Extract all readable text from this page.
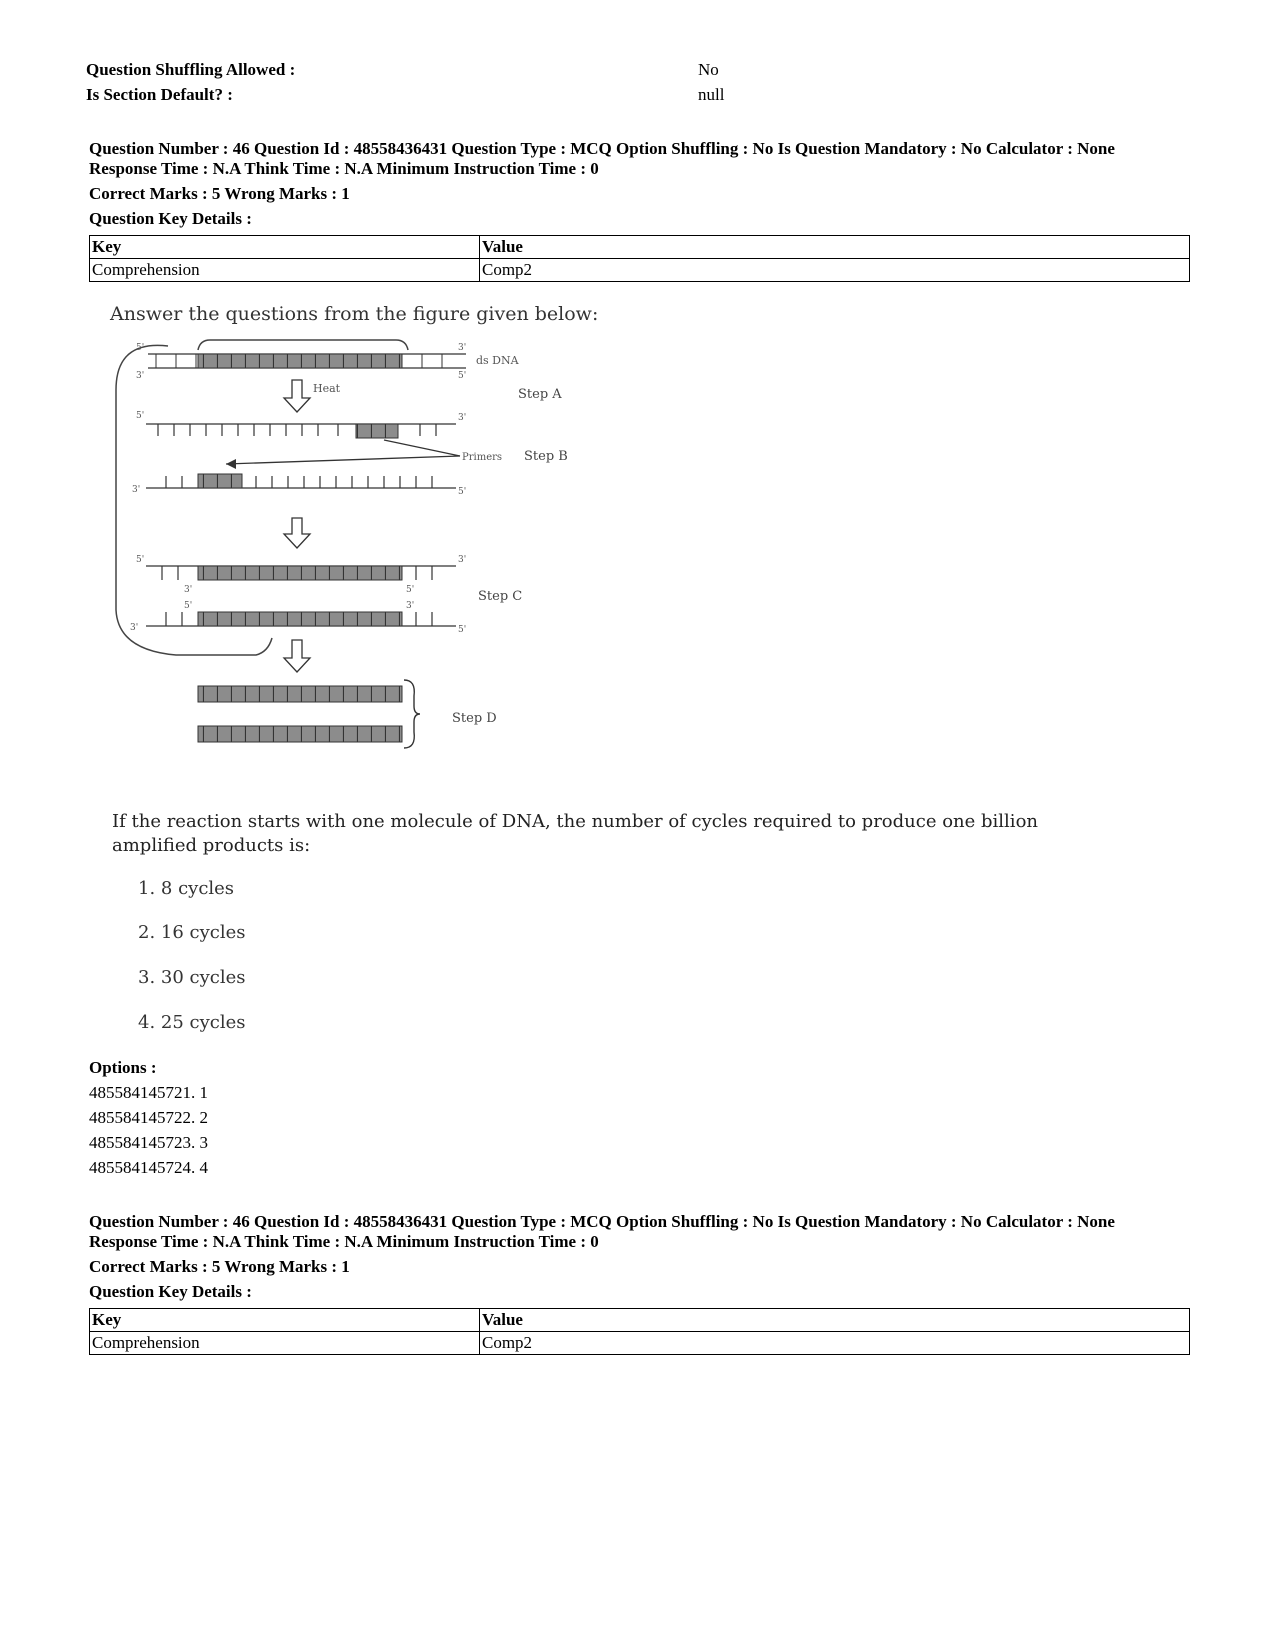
Question Shuffling Allowed :	No
Is Section Default? :	null
Question Number : 46 Question Id : 48558436431 Question Type : MCQ Option Shuffling : No Is Question Mandatory : No Calculator : None
Response Time : N.A Think Time : N.A Minimum Instruction Time : 0
Correct Marks : 5 Wrong Marks : 1
Question Key Details :
Key	Value
Comprehension	Comp2
Answer the questions from the figure given below:
5'
3'
3'
5'
ds DNA
Heat	Step A
5'	3'
Primers Step B
3'	5'
5'	3'
3'	5'	Step C
5'	3'
3'	5'
Step D
If the reaction starts with one molecule of DNA, the number of cycles required to produce one billion
amplified products is:
1. 8 cycles
2. 16 cycles
3. 30 cycles
4. 25 cycles
Options :
485584145721. 1
485584145722. 2
485584145723. 3
485584145724. 4
Question Number : 46 Question Id : 48558436431 Question Type : MCQ Option Shuffling : No Is Question Mandatory : No Calculator : None
Response Time : N.A Think Time : N.A Minimum Instruction Time : 0
Correct Marks : 5 Wrong Marks : 1
Question Key Details :
Key	Value
Comprehension	Comp2
